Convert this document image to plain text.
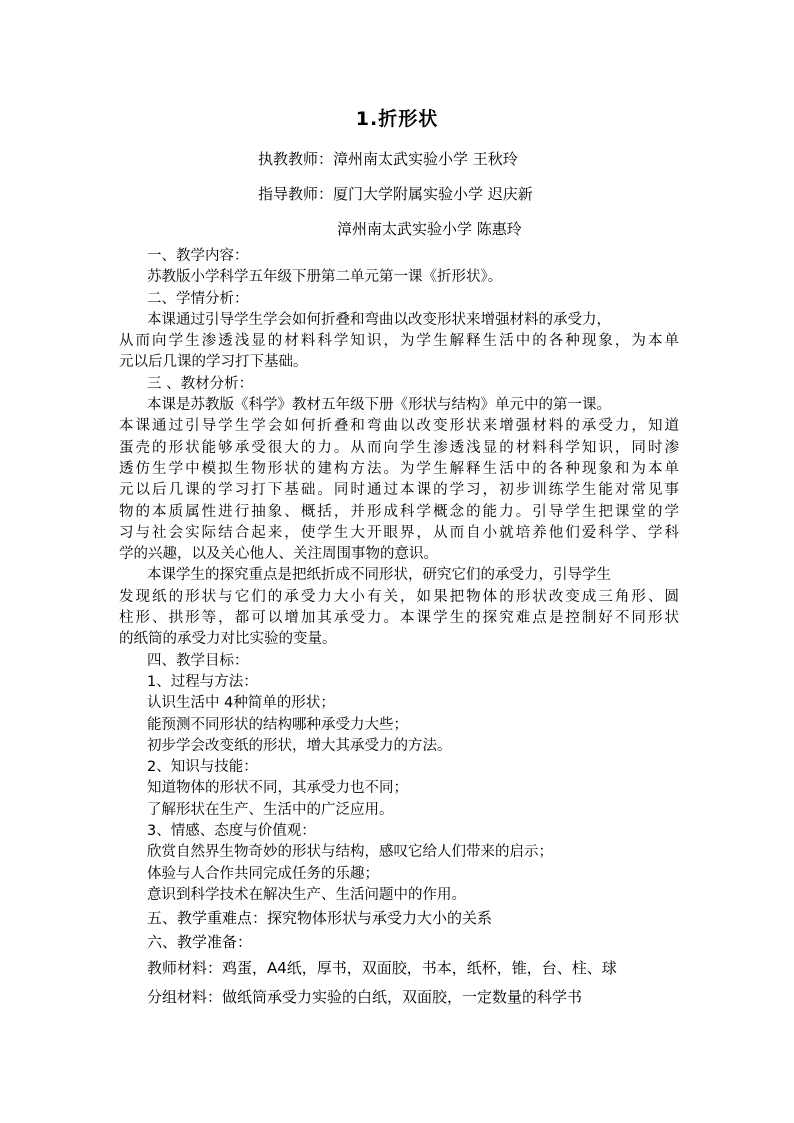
1.折形状
执教教师：漳州南太武实验小学 王秋玲
指导教师：厦门大学附属实验小学 迟庆新
漳州南太武实验小学 陈惠玲
一、教学内容：
苏教版小学科学五年级下册第二单元第一课《折形状》。
二、学情分析：
本课通过引导学生学会如何折叠和弯曲以改变形状来增强材料的承受力，
从而向学生渗透浅显的材料科学知识，为学生解释生活中的各种现象，为本单
元以后几课的学习打下基础。
三 、教材分析：
本课是苏教版《科学》教材五年级下册《形状与结构》单元中的第一课。
本课通过引导学生学会如何折叠和弯曲以改变形状来增强材料的承受力，知道
蛋壳的形状能够承受很大的力。从而向学生渗透浅显的材料科学知识，同时渗
透仿生学中模拟生物形状的建构方法。为学生解释生活中的各种现象和为本单
元以后几课的学习打下基础。同时通过本课的学习，初步训练学生能对常见事
物的本质属性进行抽象、概括，并形成科学概念的能力。引导学生把课堂的学
习与社会实际结合起来，使学生大开眼界，从而自小就培养他们爱科学、学科
学的兴趣，以及关心他人、关注周围事物的意识。
本课学生的探究重点是把纸折成不同形状，研究它们的承受力，引导学生
发现纸的形状与它们的承受力大小有关，如果把物体的形状改变成三角形、圆
柱形、拱形等，都可以增加其承受力。本课学生的探究难点是控制好不同形状
的纸筒的承受力对比实验的变量。
四、教学目标：
1、过程与方法：
认识生活中 4种简单的形状；
能预测不同形状的结构哪种承受力大些；
初步学会改变纸的形状，增大其承受力的方法。
2、知识与技能：
知道物体的形状不同，其承受力也不同；
了解形状在生产、生活中的广泛应用。
3、情感、态度与价值观：
欣赏自然界生物奇妙的形状与结构，感叹它给人们带来的启示；
体验与人合作共同完成任务的乐趣；
意识到科学技术在解决生产、生活问题中的作用。
五、教学重难点：探究物体形状与承受力大小的关系
六、教学准备：
教师材料：鸡蛋，A4纸，厚书，双面胶，书本，纸杯，锥，台、柱、球
分组材料：做纸筒承受力实验的白纸，双面胶，一定数量的科学书
